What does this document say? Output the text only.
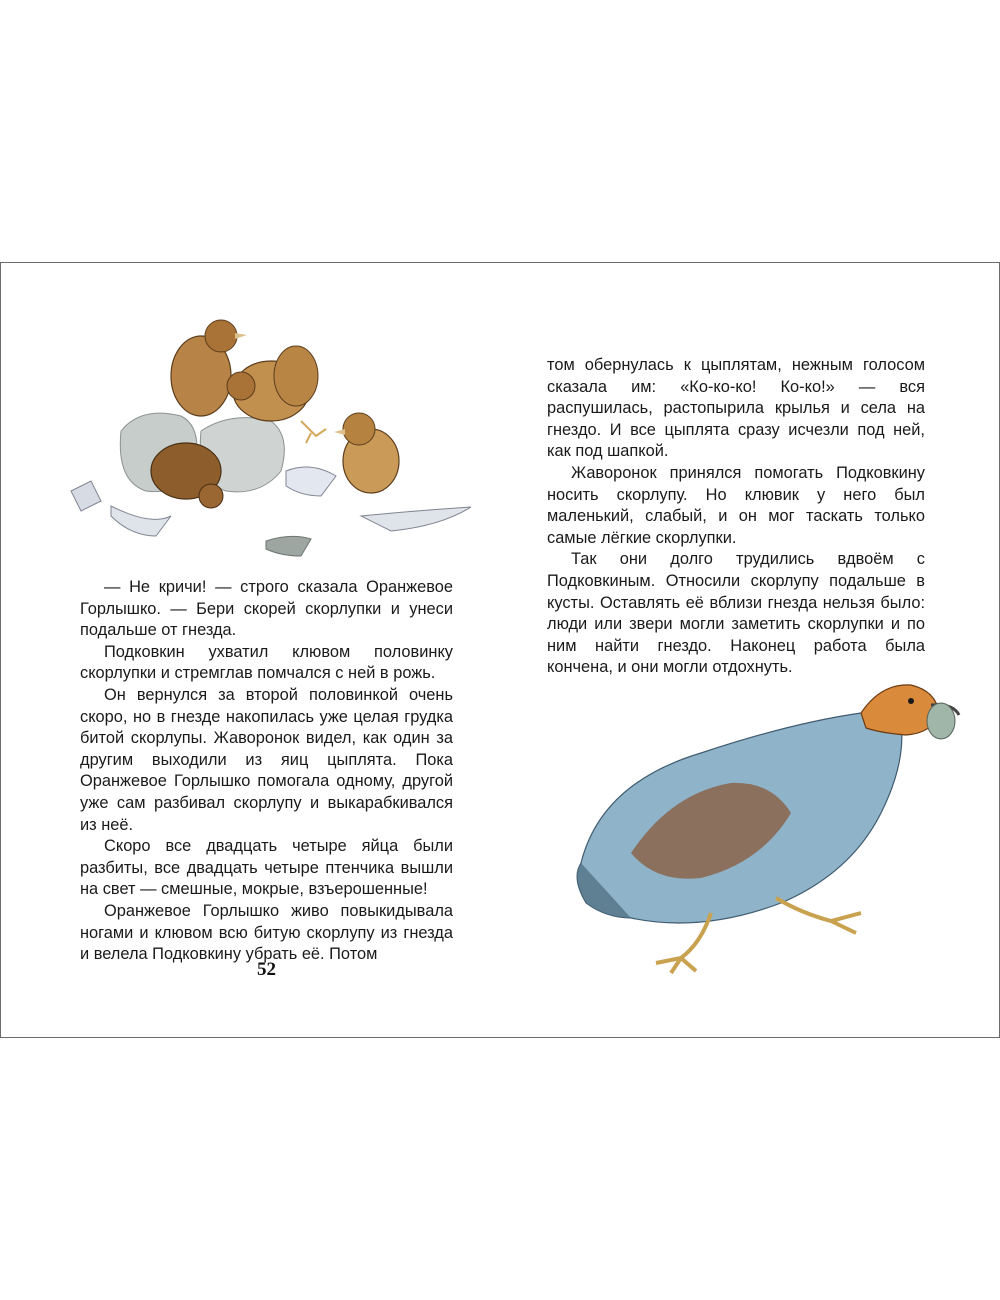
— Не кричи! — строго сказала Оранжевое Горлышко. — Бери скорей скорлупки и унеси подальше от гнезда.

Подковкин ухватил клювом половинку скорлупки и стремглав помчался с ней в рожь.

Он вернулся за второй половинкой очень скоро, но в гнезде накопилась уже целая грудка битой скорлупы. Жаворонок видел, как один за другим выходили из яиц цыплята. Пока Оранжевое Горлышко помогала одному, другой уже сам разбивал скорлупу и выкарабкивался из неё.

Скоро все двадцать четыре яйца были разбиты, все двадцать четыре птенчика вышли на свет — смешные, мокрые, взъерошенные!

Оранжевое Горлышко живо повыкидывала ногами и клювом всю битую скорлупу из гнезда и велела Подковкину убрать её. Потом

том обернулась к цыплятам, нежным голосом сказала им: «Ко-ко-ко! Ко-ко!» — вся распушилась, растопырила крылья и села на гнездо. И все цыплята сразу исчезли под ней, как под шапкой.

Жаворонок принялся помогать Подковкину носить скорлупу. Но клювик у него был маленький, слабый, и он мог таскать только самые лёгкие скорлупки.

Так они долго трудились вдвоём с Подковкиным. Относили скорлупу подальше в кусты. Оставлять её вблизи гнезда нельзя было: люди или звери могли заметить скорлупки и по ним найти гнездо. Наконец работа была кончена, и они могли отдохнуть.

52
